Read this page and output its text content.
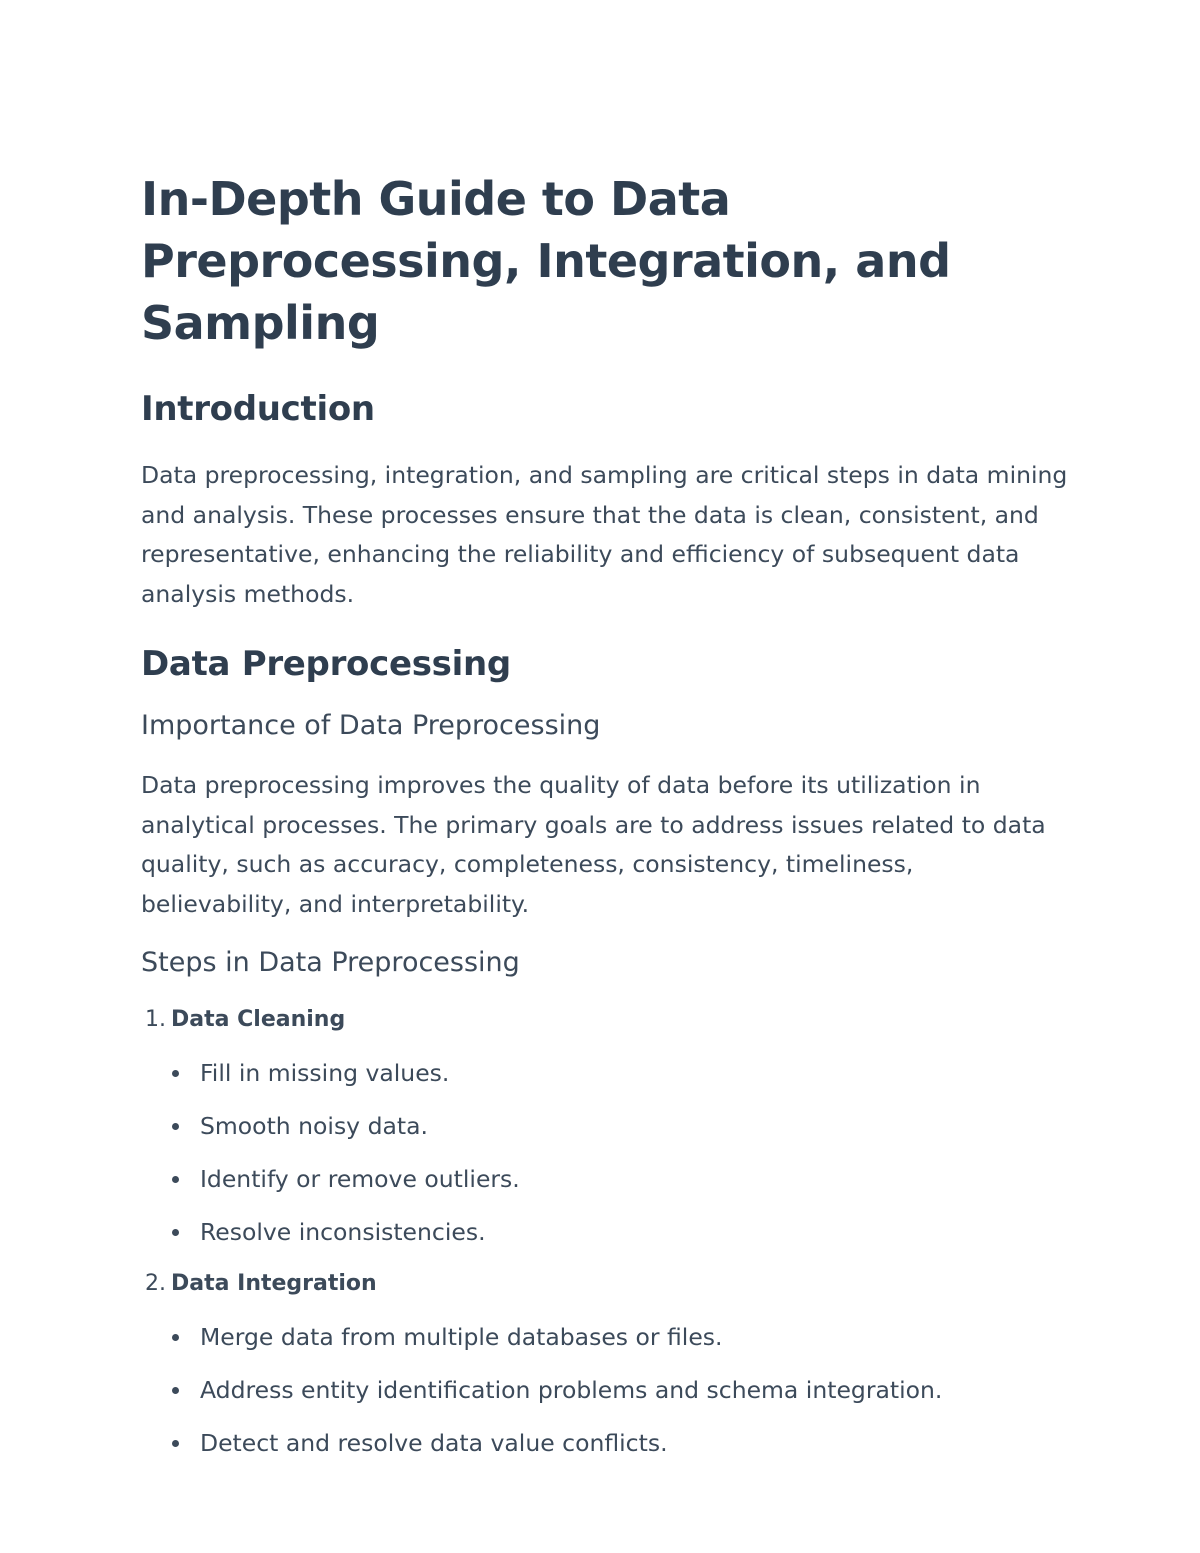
In-Depth Guide to Data Preprocessing, Integration, and Sampling
Introduction

Data preprocessing, integration, and sampling are critical steps in data mining and analysis. These processes ensure that the data is clean, consistent, and representative, enhancing the reliability and efficiency of subsequent data analysis methods.

Data Preprocessing
Importance of Data Preprocessing

Data preprocessing improves the quality of data before its utilization in analytical processes. The primary goals are to address issues related to data quality, such as accuracy, completeness, consistency, timeliness, believability, and interpretability.

Steps in Data Preprocessing

1. Data Cleaning

Fill in missing values.
Smooth noisy data.
Identify or remove outliers.
Resolve inconsistencies.

2. Data Integration

Merge data from multiple databases or files.
Address entity identification problems and schema integration.
Detect and resolve data value conflicts.
